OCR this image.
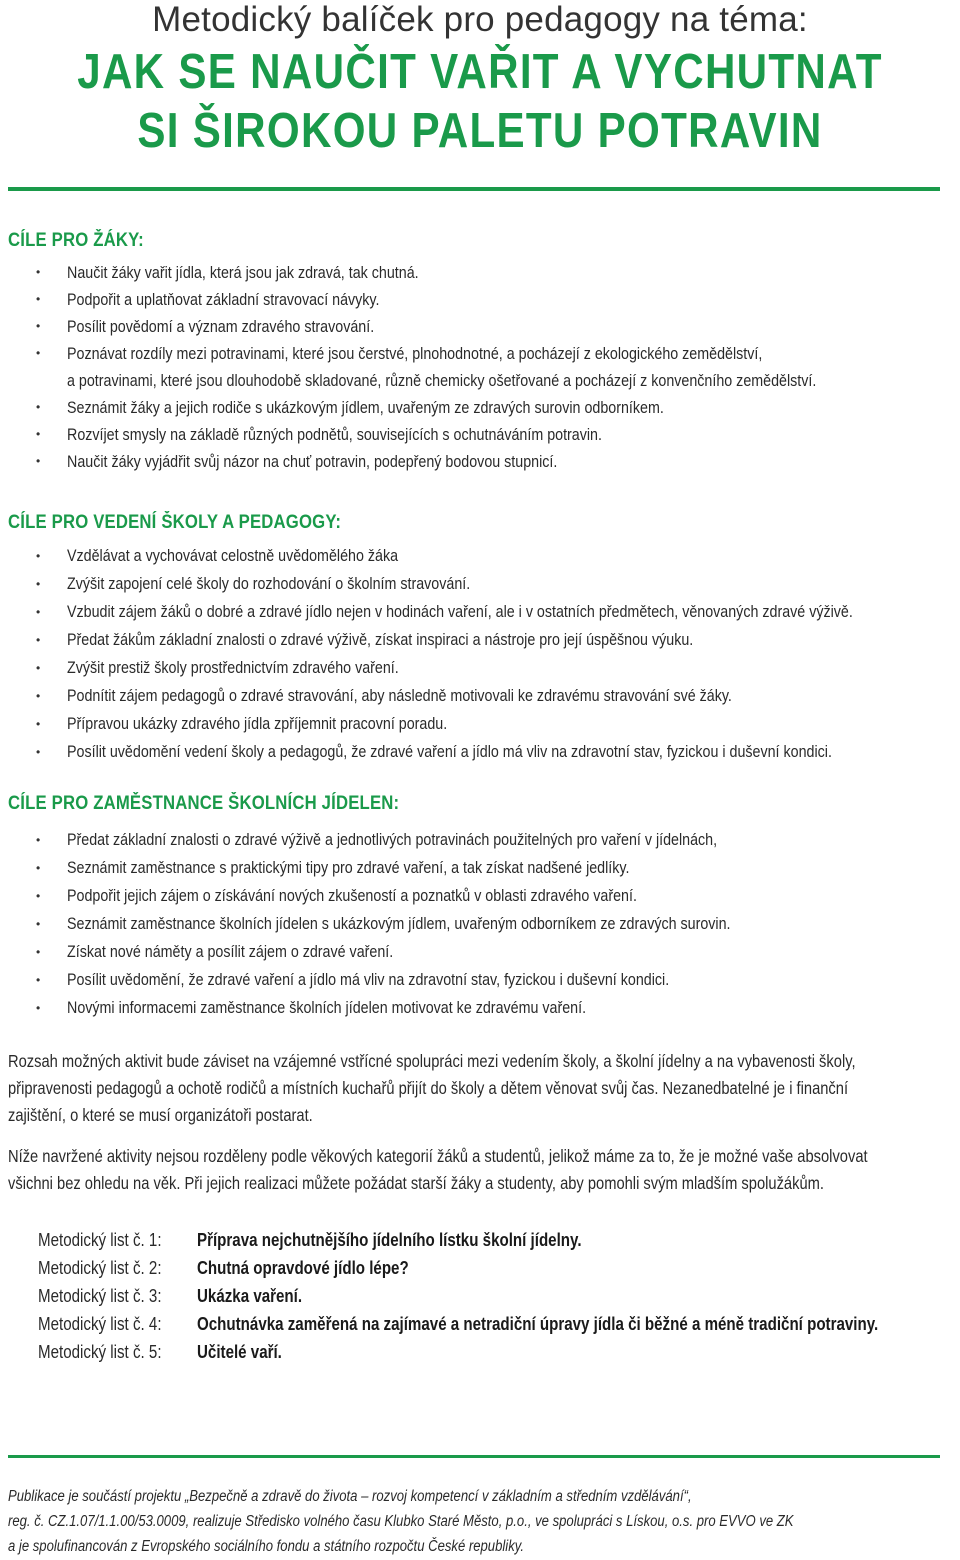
Metodický balíček pro pedagogy na téma:
JAK SE NAUČIT VAŘIT A VYCHUTNAT
SI ŠIROKOU PALETU POTRAVIN
CÍLE PRO ŽÁKY:
• Naučit žáky vařit jídla, která jsou jak zdravá, tak chutná.
• Podpořit a uplatňovat základní stravovací návyky.
• Posílit povědomí a význam zdravého stravování.
• Poznávat rozdíly mezi potravinami, které jsou čerstvé, plnohodnotné, a pocházejí z ekologického zemědělství,
a potravinami, které jsou dlouhodobě skladované, různě chemicky ošetřované a pocházejí z konvenčního zemědělství.
• Seznámit žáky a jejich rodiče s ukázkovým jídlem, uvařeným ze zdravých surovin odborníkem.
• Rozvíjet smysly na základě různých podnětů, souvisejících s ochutnáváním potravin.
• Naučit žáky vyjádřit svůj názor na chuť potravin, podepřený bodovou stupnicí.
CÍLE PRO VEDENÍ ŠKOLY A PEDAGOGY:
• Vzdělávat a vychovávat celostně uvědomělého žáka
• Zvýšit zapojení celé školy do rozhodování o školním stravování.
• Vzbudit zájem žáků o dobré a zdravé jídlo nejen v hodinách vaření, ale i v ostatních předmětech, věnovaných zdravé výživě.
• Předat žákům základní znalosti o zdravé výživě, získat inspiraci a nástroje pro její úspěšnou výuku.
• Zvýšit prestiž školy prostřednictvím zdravého vaření.
• Podnítit zájem pedagogů o zdravé stravování, aby následně motivovali ke zdravému stravování své žáky.
• Přípravou ukázky zdravého jídla zpříjemnit pracovní poradu.
• Posílit uvědomění vedení školy a pedagogů, že zdravé vaření a jídlo má vliv na zdravotní stav, fyzickou i duševní kondici.
CÍLE PRO ZAMĚSTNANCE ŠKOLNÍCH JÍDELEN:
• Předat základní znalosti o zdravé výživě a jednotlivých potravinách použitelných pro vaření v jídelnách,
• Seznámit zaměstnance s praktickými tipy pro zdravé vaření, a tak získat nadšené jedlíky.
• Podpořit jejich zájem o získávání nových zkušeností a poznatků v oblasti zdravého vaření.
• Seznámit zaměstnance školních jídelen s ukázkovým jídlem, uvařeným odborníkem ze zdravých surovin.
• Získat nové náměty a posílit zájem o zdravé vaření.
• Posílit uvědomění, že zdravé vaření a jídlo má vliv na zdravotní stav, fyzickou i duševní kondici.
• Novými informacemi zaměstnance školních jídelen motivovat ke zdravému vaření.
Rozsah možných aktivit bude záviset na vzájemné vstřícné spolupráci mezi vedením školy, a školní jídelny a na vybavenosti školy,
připravenosti pedagogů a ochotě rodičů a místních kuchařů přijít do školy a dětem věnovat svůj čas. Nezanedbatelné je i finanční
zajištění, o které se musí organizátoři postarat.
Níže navržené aktivity nejsou rozděleny podle věkových kategorií žáků a studentů, jelikož máme za to, že je možné vaše absolvovat
všichni bez ohledu na věk. Při jejich realizaci můžete požádat starší žáky a studenty, aby pomohli svým mladším spolužákům.
Metodický list č. 1: Příprava nejchutnějšího jídelního lístku školní jídelny.
Metodický list č. 2: Chutná opravdové jídlo lépe?
Metodický list č. 3: Ukázka vaření.
Metodický list č. 4: Ochutnávka zaměřená na zajímavé a netradiční úpravy jídla či běžné a méně tradiční potraviny.
Metodický list č. 5: Učitelé vaří.
Publikace je součástí projektu „Bezpečně a zdravě do života – rozvoj kompetencí v základním a středním vzdělávání“,
reg. č. CZ.1.07/1.1.00/53.0009, realizuje Středisko volného času Klubko Staré Město, p.o., ve spolupráci s Lískou, o.s. pro EVVO ve ZK
a je spolufinancován z Evropského sociálního fondu a státního rozpočtu České republiky.
